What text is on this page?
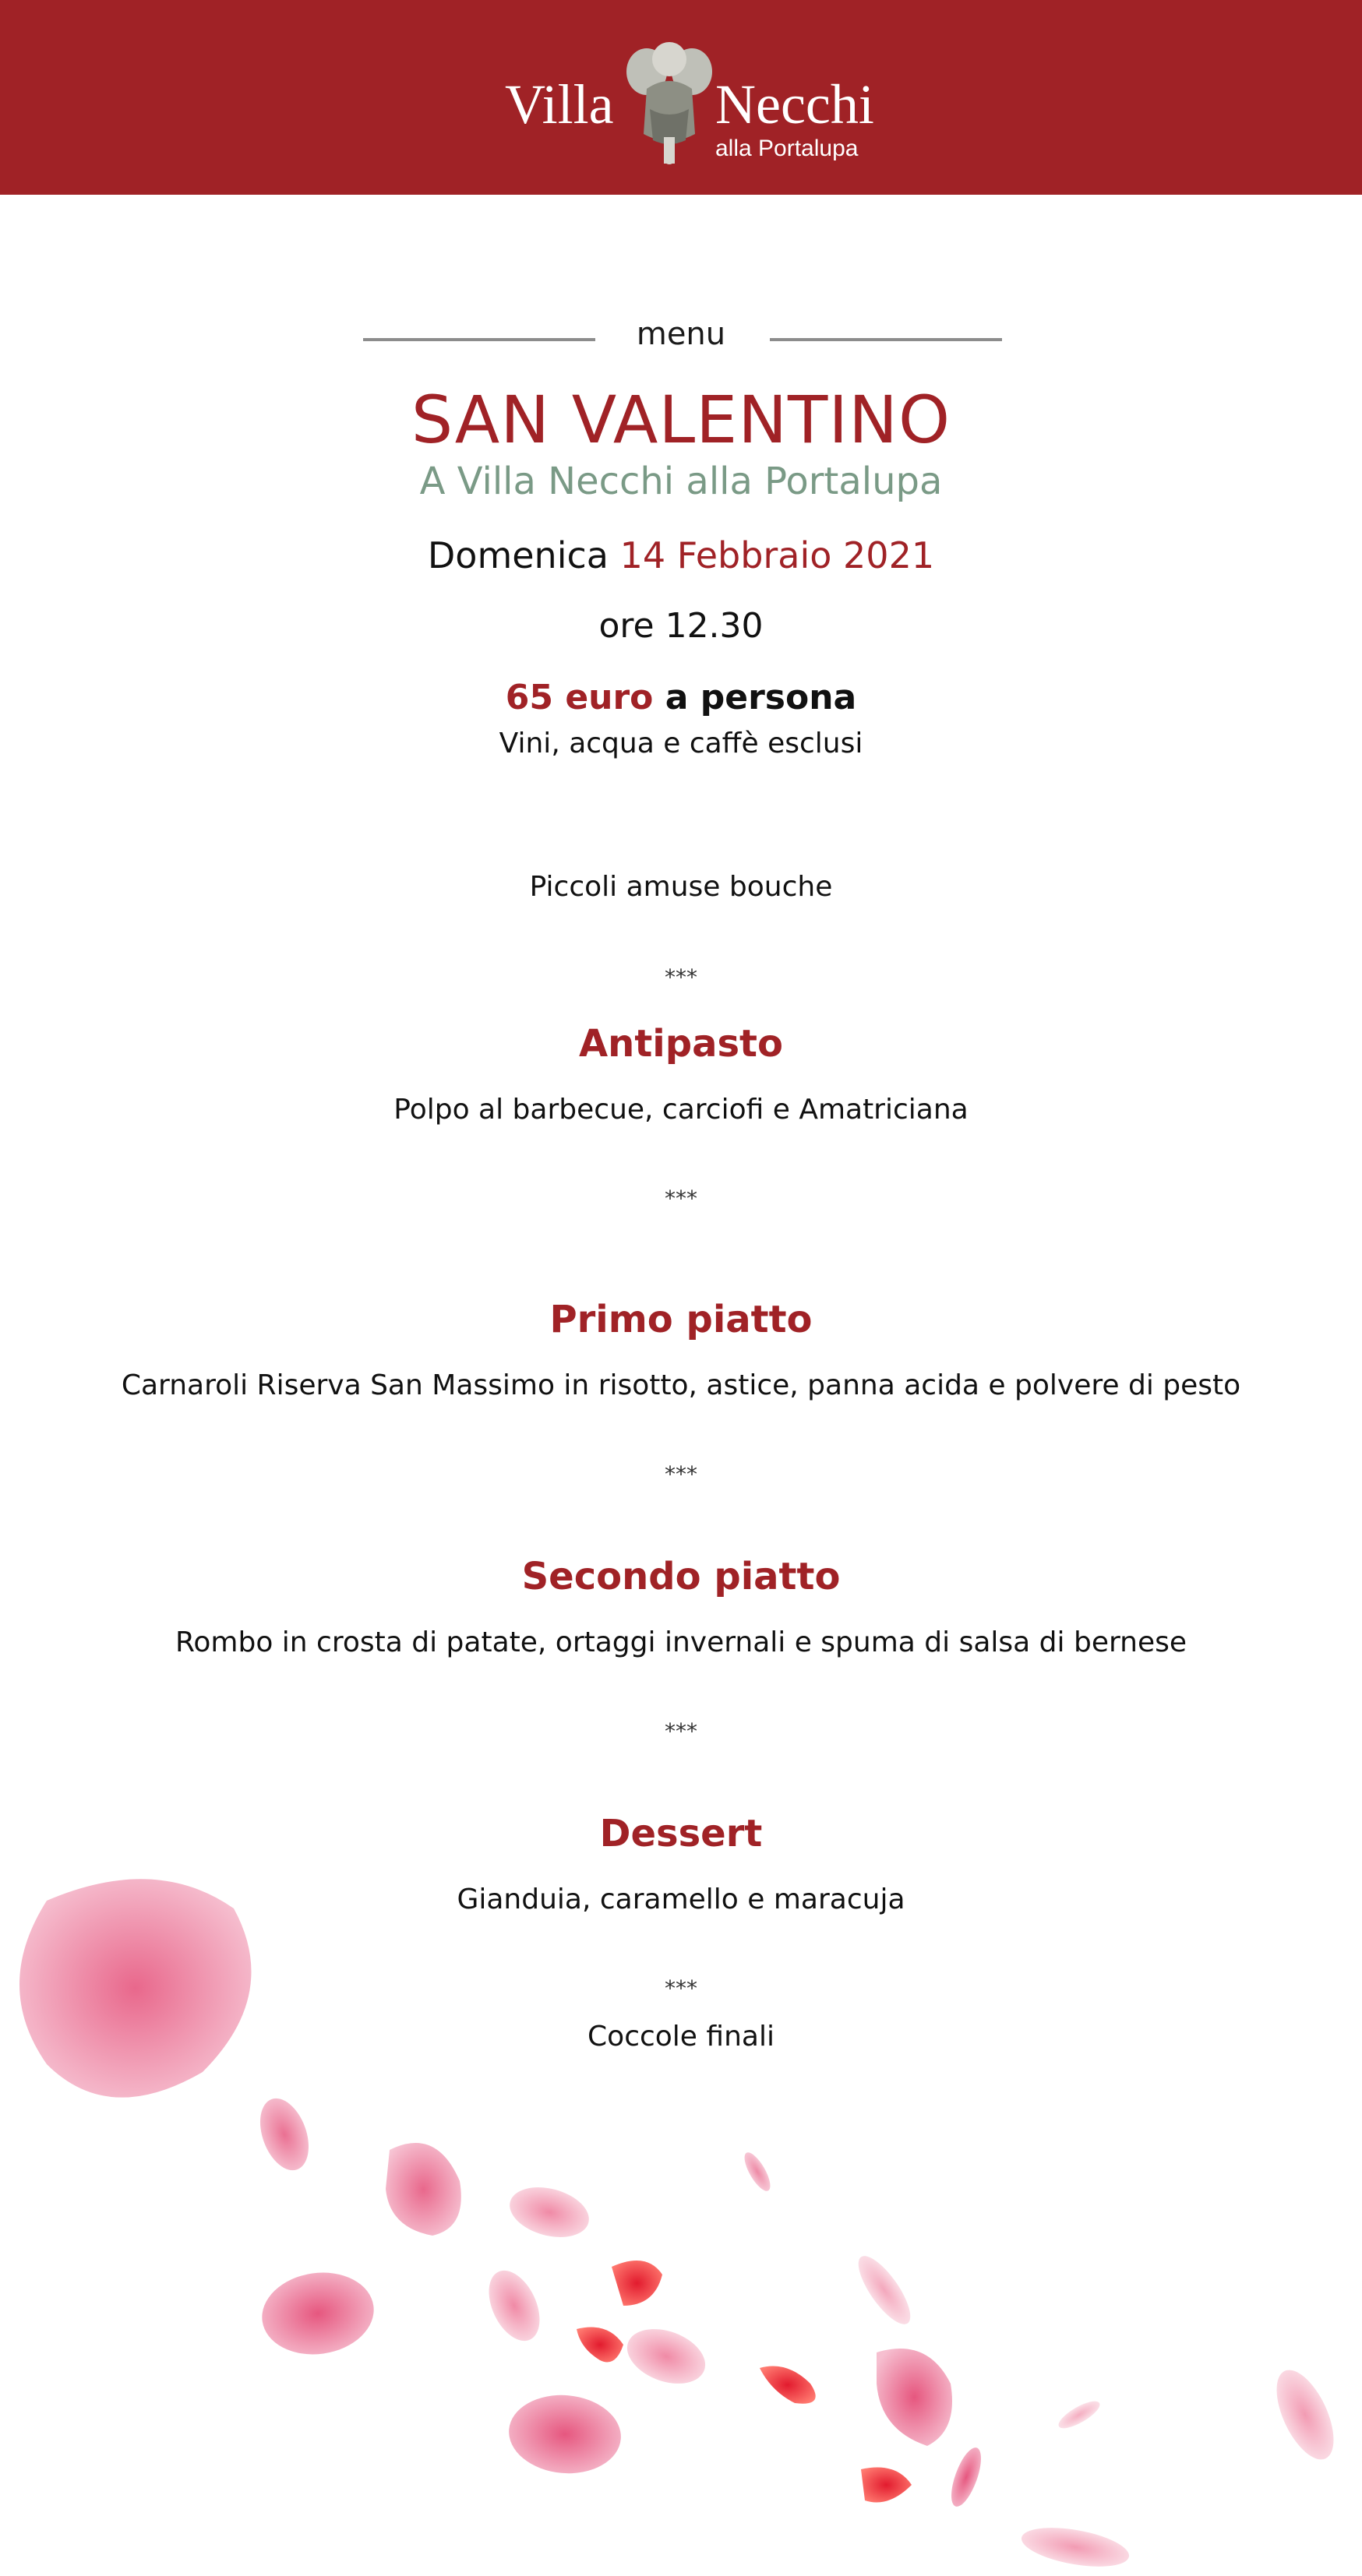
Villa Necchi
alla Portalupa
menu
SAN VALENTINO
A Villa Necchi alla Portalupa
Domenica 14 Febbraio 2021
ore 12.30
65 euro a persona
Vini, acqua e caffè esclusi
Piccoli amuse bouche
***
Antipasto
Polpo al barbecue, carciofi e Amatriciana
***
Primo piatto
Carnaroli Riserva San Massimo in risotto, astice, panna acida e polvere di pesto
***
Secondo piatto
Rombo in crosta di patate, ortaggi invernali e spuma di salsa di bernese
***
Dessert
Gianduia, caramello e maracuja
***
Coccole finali
